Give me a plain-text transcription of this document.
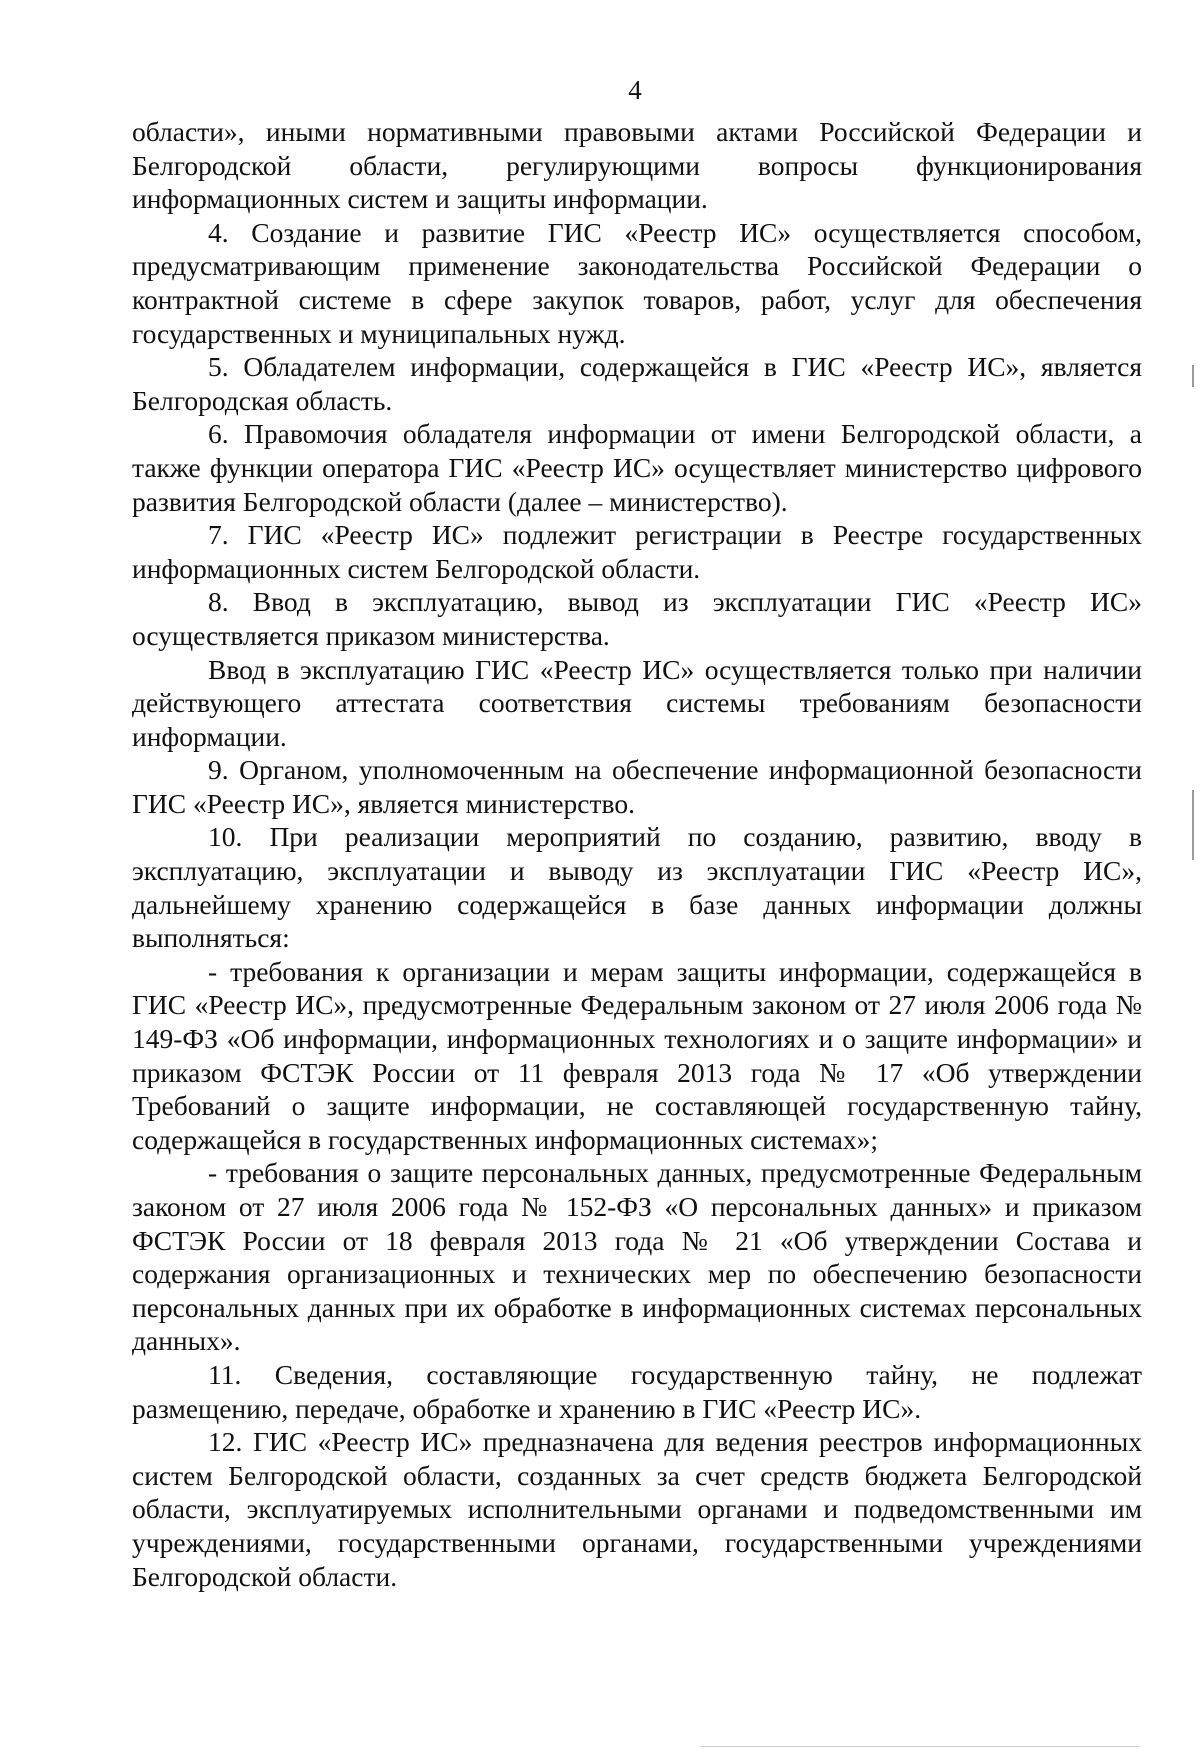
4

области», иными нормативными правовыми актами Российской Федерации и Белгородской области, регулирующими вопросы функционирования информационных систем и защиты информации.

4. Создание и развитие ГИС «Реестр ИС» осуществляется способом, предусматривающим применение законодательства Российской Федерации о контрактной системе в сфере закупок товаров, работ, услуг для обеспечения государственных и муниципальных нужд.

5. Обладателем информации, содержащейся в ГИС «Реестр ИС», является Белгородская область.

6. Правомочия обладателя информации от имени Белгородской области, а также функции оператора ГИС «Реестр ИС» осуществляет министерство цифрового развития Белгородской области (далее – министерство).

7. ГИС «Реестр ИС» подлежит регистрации в Реестре государственных информационных систем Белгородской области.

8. Ввод в эксплуатацию, вывод из эксплуатации ГИС «Реестр ИС» осуществляется приказом министерства.

Ввод в эксплуатацию ГИС «Реестр ИС» осуществляется только при наличии действующего аттестата соответствия системы требованиям безопасности информации.

9. Органом, уполномоченным на обеспечение информационной безопасности ГИС «Реестр ИС», является министерство.

10. При реализации мероприятий по созданию, развитию, вводу в эксплуатацию, эксплуатации и выводу из эксплуатации ГИС «Реестр ИС», дальнейшему хранению содержащейся в базе данных информации должны выполняться:

- требования к организации и мерам защиты информации, содержащейся в ГИС «Реестр ИС», предусмотренные Федеральным законом от 27 июля 2006 года № 149-ФЗ «Об информации, информационных технологиях и о защите информации» и приказом ФСТЭК России от 11 февраля 2013 года № 17 «Об утверждении Требований о защите информации, не составляющей государственную тайну, содержащейся в государственных информационных системах»;

- требования о защите персональных данных, предусмотренные Федеральным законом от 27 июля 2006 года № 152-ФЗ «О персональных данных» и приказом ФСТЭК России от 18 февраля 2013 года № 21 «Об утверждении Состава и содержания организационных и технических мер по обеспечению безопасности персональных данных при их обработке в информационных системах персональных данных».

11. Сведения, составляющие государственную тайну, не подлежат размещению, передаче, обработке и хранению в ГИС «Реестр ИС».

12. ГИС «Реестр ИС» предназначена для ведения реестров информационных систем Белгородской области, созданных за счет средств бюджета Белгородской области, эксплуатируемых исполнительными органами и подведомственными им учреждениями, государственными органами, государственными учреждениями Белгородской области.
